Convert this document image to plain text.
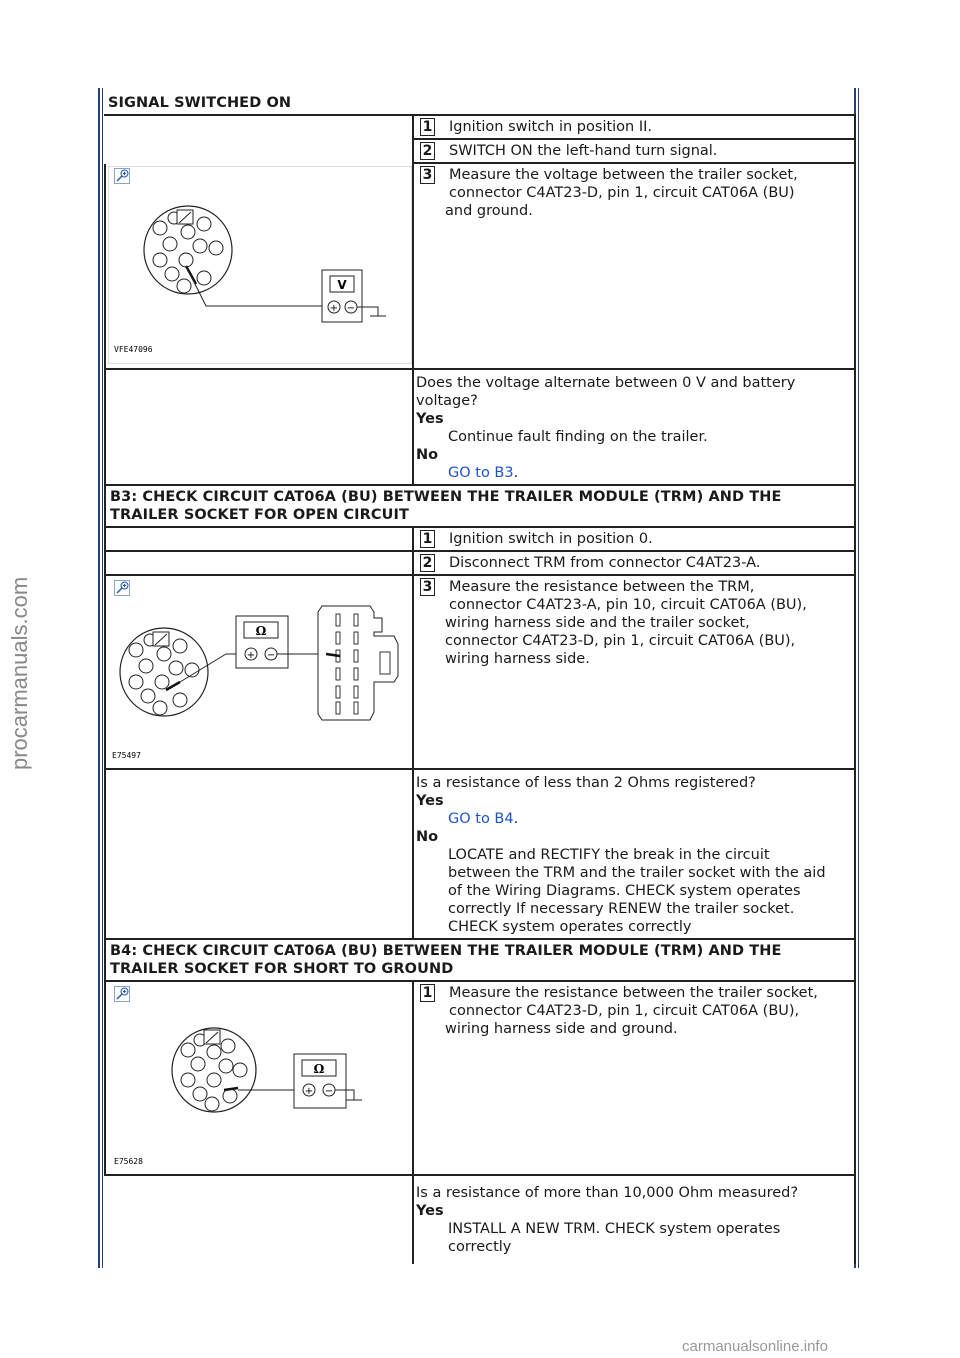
procarmanuals.com
SIGNAL SWITCHED ON
1 Ignition switch in position II.
2 SWITCH ON the left-hand turn signal.
V
+ −
VFE47096
3 Measure the voltage between the trailer socket,
connector C4AT23-D, pin 1, circuit CAT06A (BU)
and ground.
Does the voltage alternate between 0 V and battery voltage?
Yes
Continue fault finding on the trailer.
No
GO to B3.
B3: CHECK CIRCUIT CAT06A (BU) BETWEEN THE TRAILER MODULE (TRM) AND THE
TRAILER SOCKET FOR OPEN CIRCUIT
1 Ignition switch in position 0.
2 Disconnect TRM from connector C4AT23-A.
Ω
+ −
E75497
3 Measure the resistance between the TRM,
connector C4AT23-A, pin 10, circuit CAT06A (BU),
wiring harness side and the trailer socket,
connector C4AT23-D, pin 1, circuit CAT06A (BU),
wiring harness side.
Is a resistance of less than 2 Ohms registered?
Yes
GO to B4.
No
LOCATE and RECTIFY the break in the circuit
between the TRM and the trailer socket with the aid
of the Wiring Diagrams. CHECK system operates
correctly If necessary RENEW the trailer socket.
CHECK system operates correctly
B4: CHECK CIRCUIT CAT06A (BU) BETWEEN THE TRAILER MODULE (TRM) AND THE
TRAILER SOCKET FOR SHORT TO GROUND
Ω
+ −
E75628
1 Measure the resistance between the trailer socket,
connector C4AT23-D, pin 1, circuit CAT06A (BU),
wiring harness side and ground.
Is a resistance of more than 10,000 Ohm measured?
Yes
INSTALL A NEW TRM. CHECK system operates
correctly
carmanualsonline.info
